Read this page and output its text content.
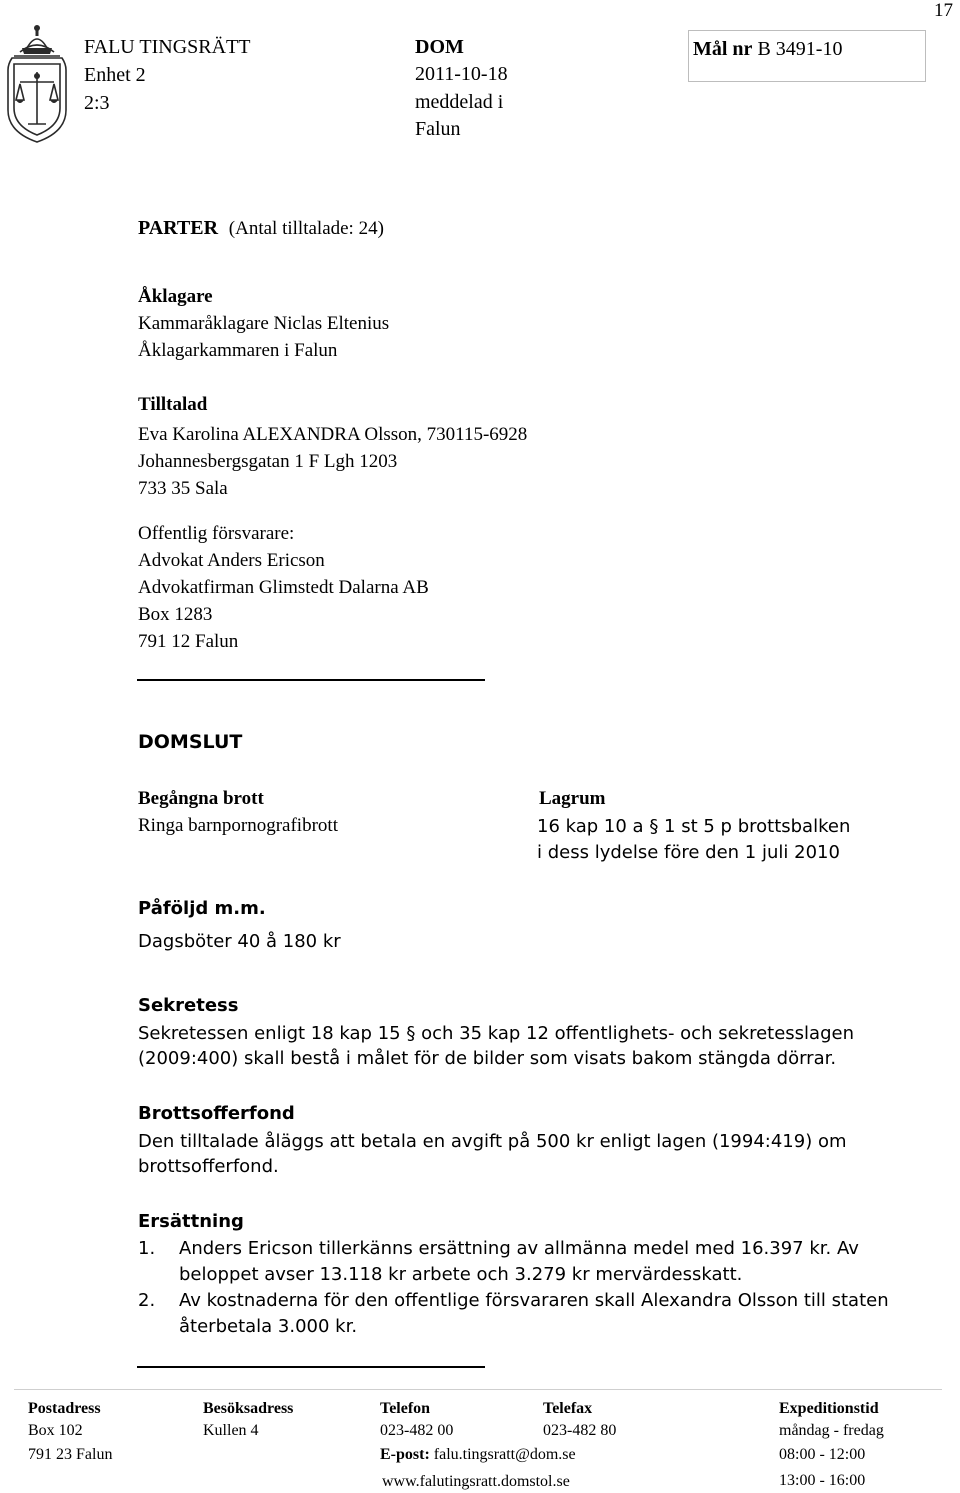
17
FALU TINGSRÄTT
Enhet 2
2:3
DOM
2011-10-18
meddelad i
Falun
Mål nr B 3491-10
PARTER (Antal tilltalade: 24)
Åklagare
Kammaråklagare Niclas Eltenius
Åklagarkammaren i Falun
Tilltalad
Eva Karolina ALEXANDRA Olsson, 730115-6928
Johannesbergsgatan 1 F Lgh 1203
733 35 Sala
Offentlig försvarare:
Advokat Anders Ericson
Advokatfirman Glimstedt Dalarna AB
Box 1283
791 12 Falun
DOMSLUT
Begångna brott
Ringa barnpornografibrott
Lagrum
16 kap 10 a § 1 st 5 p brottsbalken
i dess lydelse före den 1 juli 2010
Påföljd m.m.
Dagsböter 40 å 180 kr
Sekretess
Sekretessen enligt 18 kap 15 § och 35 kap 12 offentlighets- och sekretesslagen
(2009:400) skall bestå i målet för de bilder som visats bakom stängda dörrar.
Brottsofferfond
Den tilltalade åläggs att betala en avgift på 500 kr enligt lagen (1994:419) om
brottsofferfond.
Ersättning
1. Anders Ericson tillerkänns ersättning av allmänna medel med 16.397 kr. Av
beloppet avser 13.118 kr arbete och 3.279 kr mervärdesskatt.
2. Av kostnaderna för den offentlige försvararen skall Alexandra Olsson till staten
återbetala 3.000 kr.
Postadress
Box 102
791 23 Falun
Besöksadress
Kullen 4
Telefon
023-482 00
E-post: falu.tingsratt@dom.se
www.falutingsratt.domstol.se
Telefax
023-482 80
Expeditionstid
måndag - fredag
08:00 - 12:00
13:00 - 16:00
